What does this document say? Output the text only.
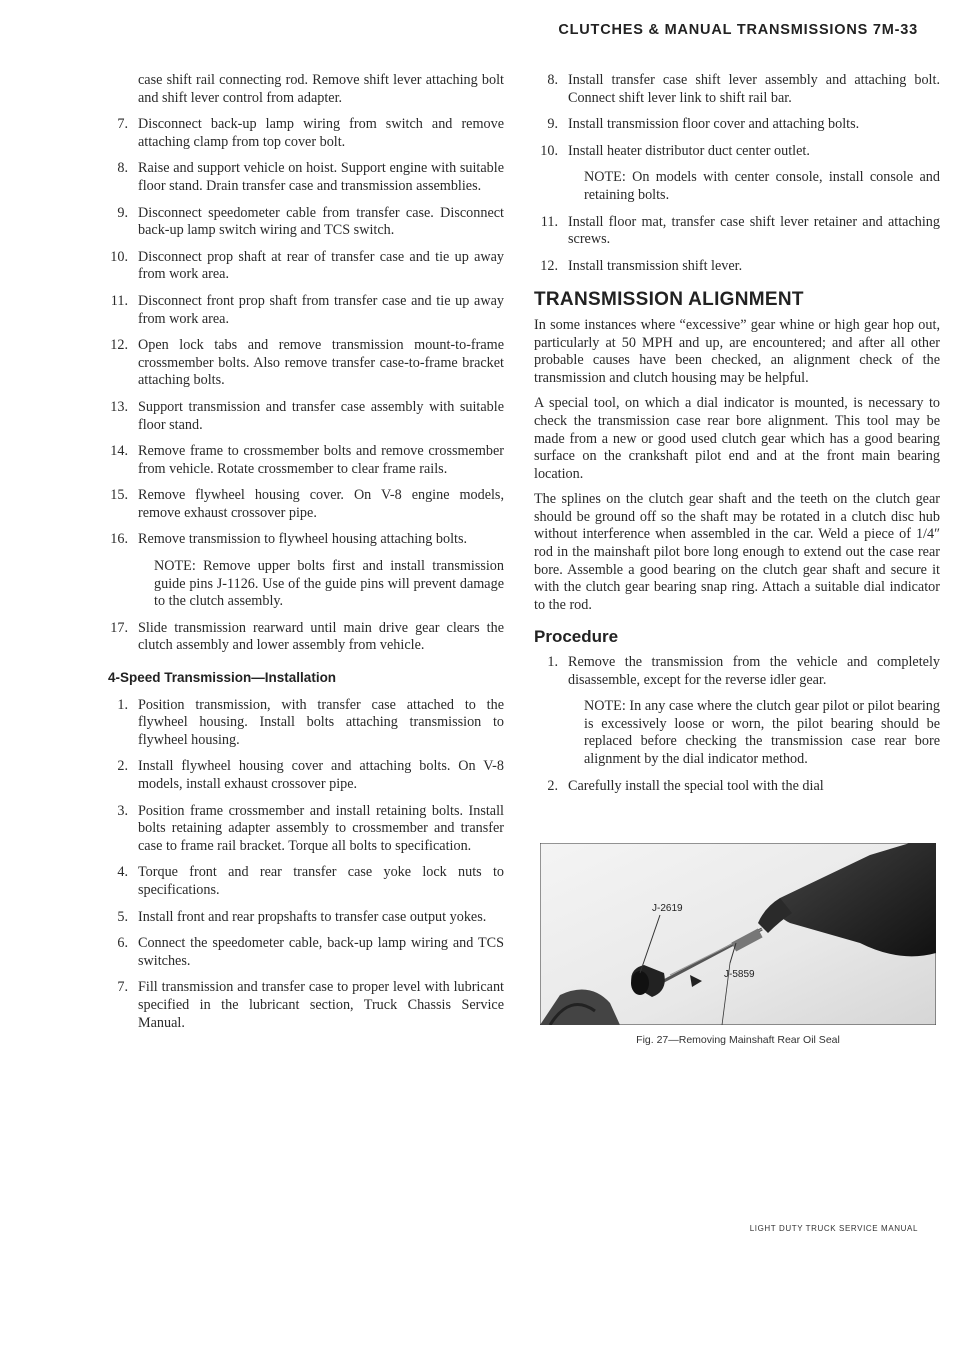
CLUTCHES & MANUAL TRANSMISSIONS 7M-33
case shift rail connecting rod. Remove shift lever attaching bolt and shift lever control from adapter.
7. Disconnect back-up lamp wiring from switch and remove attaching clamp from top cover bolt.
8. Raise and support vehicle on hoist. Support engine with suitable floor stand. Drain transfer case and transmission assemblies.
9. Disconnect speedometer cable from transfer case. Disconnect back-up lamp switch wiring and TCS switch.
10. Disconnect prop shaft at rear of transfer case and tie up away from work area.
11. Disconnect front prop shaft from transfer case and tie up away from work area.
12. Open lock tabs and remove transmission mount-to-frame crossmember bolts. Also remove transfer case-to-frame bracket attaching bolts.
13. Support transmission and transfer case assembly with suitable floor stand.
14. Remove frame to crossmember bolts and remove crossmember from vehicle. Rotate crossmember to clear frame rails.
15. Remove flywheel housing cover. On V-8 engine models, remove exhaust crossover pipe.
16. Remove transmission to flywheel housing attaching bolts.
NOTE: Remove upper bolts first and install transmission guide pins J-1126. Use of the guide pins will prevent damage to the clutch assembly.
17. Slide transmission rearward until main drive gear clears the clutch assembly and lower assembly from vehicle.
4-Speed Transmission—Installation
1. Position transmission, with transfer case attached to the flywheel housing. Install bolts attaching transmission to flywheel housing.
2. Install flywheel housing cover and attaching bolts. On V-8 models, install exhaust crossover pipe.
3. Position frame crossmember and install retaining bolts. Install bolts retaining adapter assembly to crossmember and transfer case to frame rail bracket. Torque all bolts to specification.
4. Torque front and rear transfer case yoke lock nuts to specifications.
5. Install front and rear propshafts to transfer case output yokes.
6. Connect the speedometer cable, back-up lamp wiring and TCS switches.
7. Fill transmission and transfer case to proper level with lubricant specified in the lubricant section, Truck Chassis Service Manual.
8. Install transfer case shift lever assembly and attaching bolt. Connect shift lever link to shift rail bar.
9. Install transmission floor cover and attaching bolts.
10. Install heater distributor duct center outlet.
NOTE: On models with center console, install console and retaining bolts.
11. Install floor mat, transfer case shift lever retainer and attaching screws.
12. Install transmission shift lever.
TRANSMISSION ALIGNMENT
In some instances where “excessive” gear whine or high gear hop out, particularly at 50 MPH and up, are encountered; and after all other probable causes have been checked, an alignment check of the transmission and clutch housing may be helpful.
A special tool, on which a dial indicator is mounted, is necessary to check the transmission case rear bore alignment. This tool may be made from a new or good used clutch gear which has a good bearing surface on the crankshaft pilot end and at the front main bearing location.
The splines on the clutch gear shaft and the teeth on the clutch gear should be ground off so the shaft may be rotated in a clutch disc hub without interference when assembled in the car. Weld a piece of 1/4″ rod in the mainshaft pilot bore long enough to extend out the case rear bore. Assemble a good bearing on the clutch gear shaft and secure it with the clutch gear bearing snap ring. Attach a suitable dial indicator to the rod.
Procedure
1. Remove the transmission from the vehicle and completely disassemble, except for the reverse idler gear.
NOTE: In any case where the clutch gear pilot or pilot bearing is excessively loose or worn, the pilot bearing should be replaced before checking the transmission case rear bore alignment by the dial indicator method.
2. Carefully install the special tool with the dial
J-2619
J-5859
Fig. 27—Removing Mainshaft Rear Oil Seal
LIGHT DUTY TRUCK SERVICE MANUAL
